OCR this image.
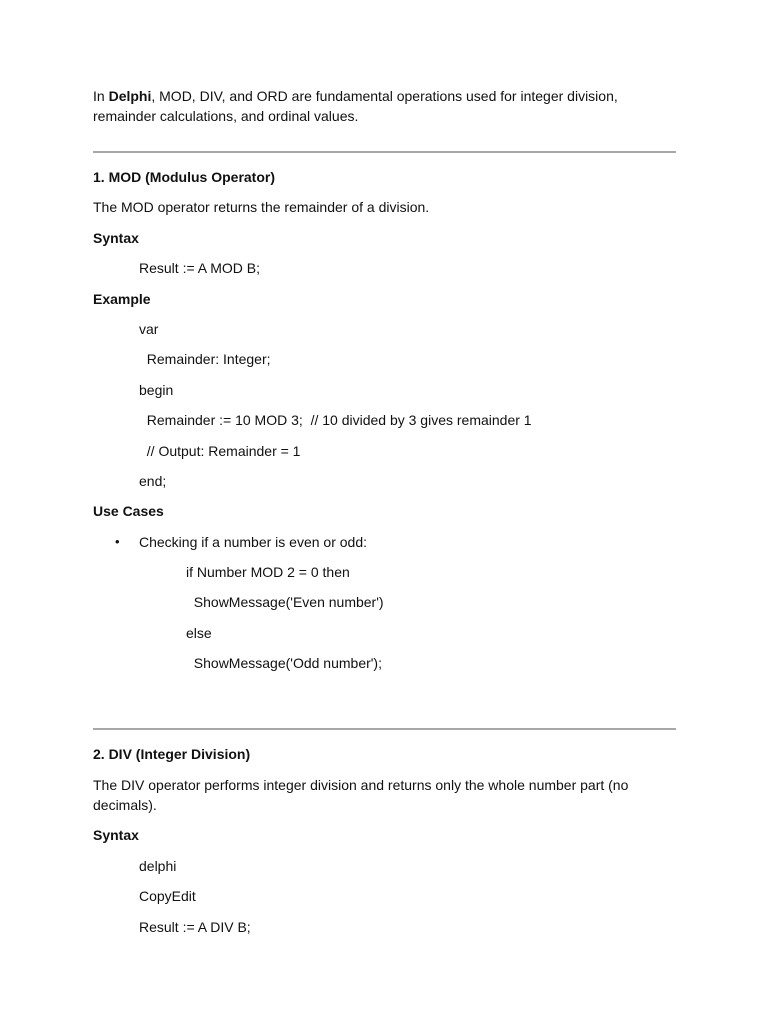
In Delphi, MOD, DIV, and ORD are fundamental operations used for integer division, remainder calculations, and ordinal values.
1. MOD (Modulus Operator)
The MOD operator returns the remainder of a division.
Syntax
Result := A MOD B;
Example
var
Remainder: Integer;
begin
Remainder := 10 MOD 3;  // 10 divided by 3 gives remainder 1
// Output: Remainder = 1
end;
Use Cases
• Checking if a number is even or odd:
if Number MOD 2 = 0 then
ShowMessage('Even number')
else
ShowMessage('Odd number');
2. DIV (Integer Division)
The DIV operator performs integer division and returns only the whole number part (no decimals).
Syntax
delphi
CopyEdit
Result := A DIV B;
